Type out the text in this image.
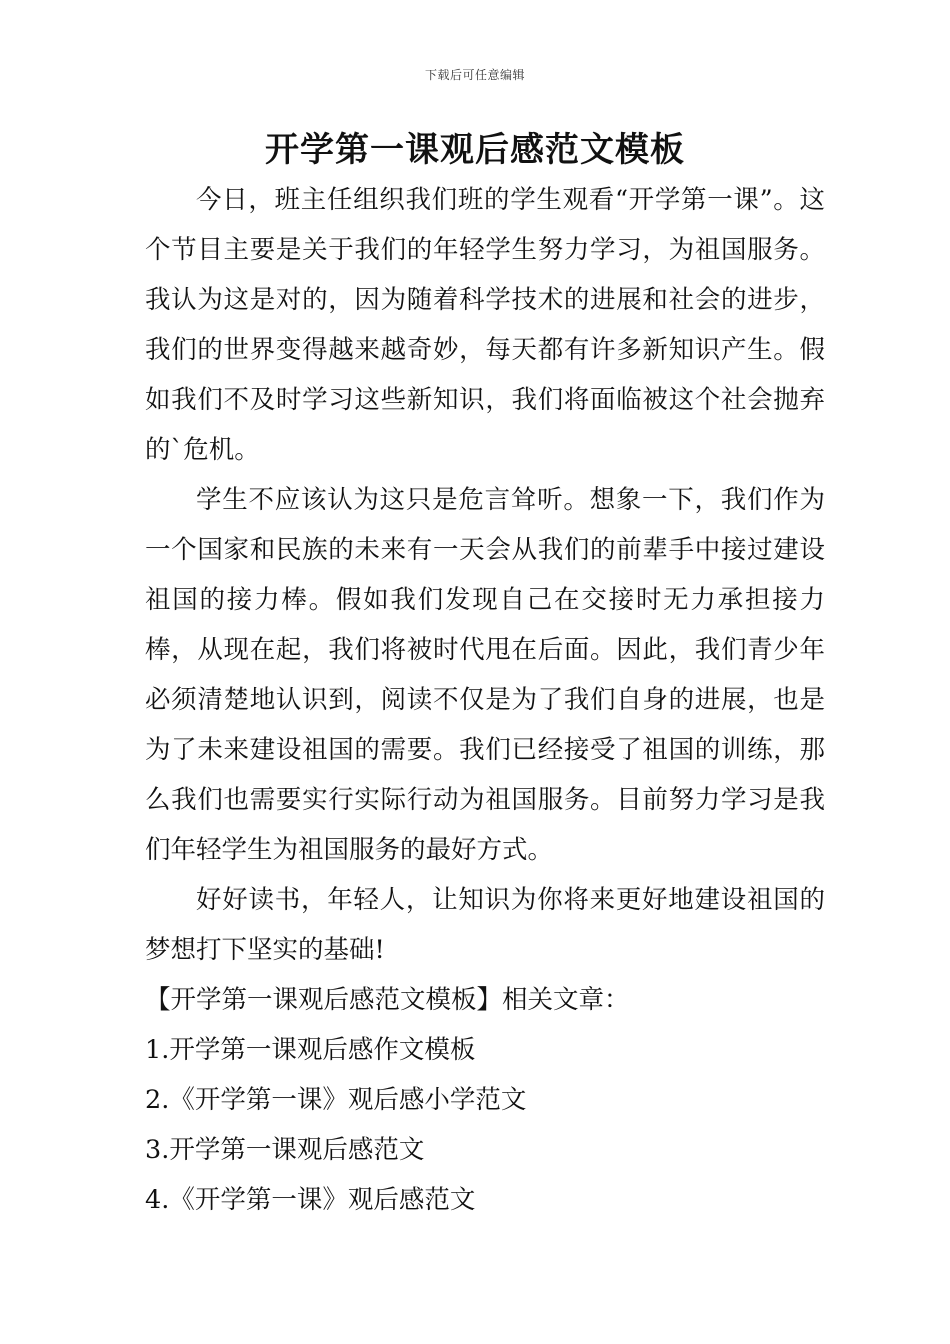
下载后可任意编辑
开学第一课观后感范文模板

今日，班主任组织我们班的学生观看“开学第一课”。这个节目主要是关于我们的年轻学生努力学习，为祖国服务。我认为这是对的，因为随着科学技术的进展和社会的进步，我们的世界变得越来越奇妙，每天都有许多新知识产生。假如我们不及时学习这些新知识，我们将面临被这个社会抛弃的`危机。

学生不应该认为这只是危言耸听。想象一下，我们作为一个国家和民族的未来有一天会从我们的前辈手中接过建设祖国的接力棒。假如我们发现自己在交接时无力承担接力棒，从现在起，我们将被时代甩在后面。因此，我们青少年必须清楚地认识到，阅读不仅是为了我们自身的进展，也是为了未来建设祖国的需要。我们已经接受了祖国的训练，那么我们也需要实行实际行动为祖国服务。目前努力学习是我们年轻学生为祖国服务的最好方式。

好好读书，年轻人，让知识为你将来更好地建设祖国的梦想打下坚实的基础!

【开学第一课观后感范文模板】相关文章：

1.开学第一课观后感作文模板

2.《开学第一课》观后感小学范文

3.开学第一课观后感范文

4.《开学第一课》观后感范文
